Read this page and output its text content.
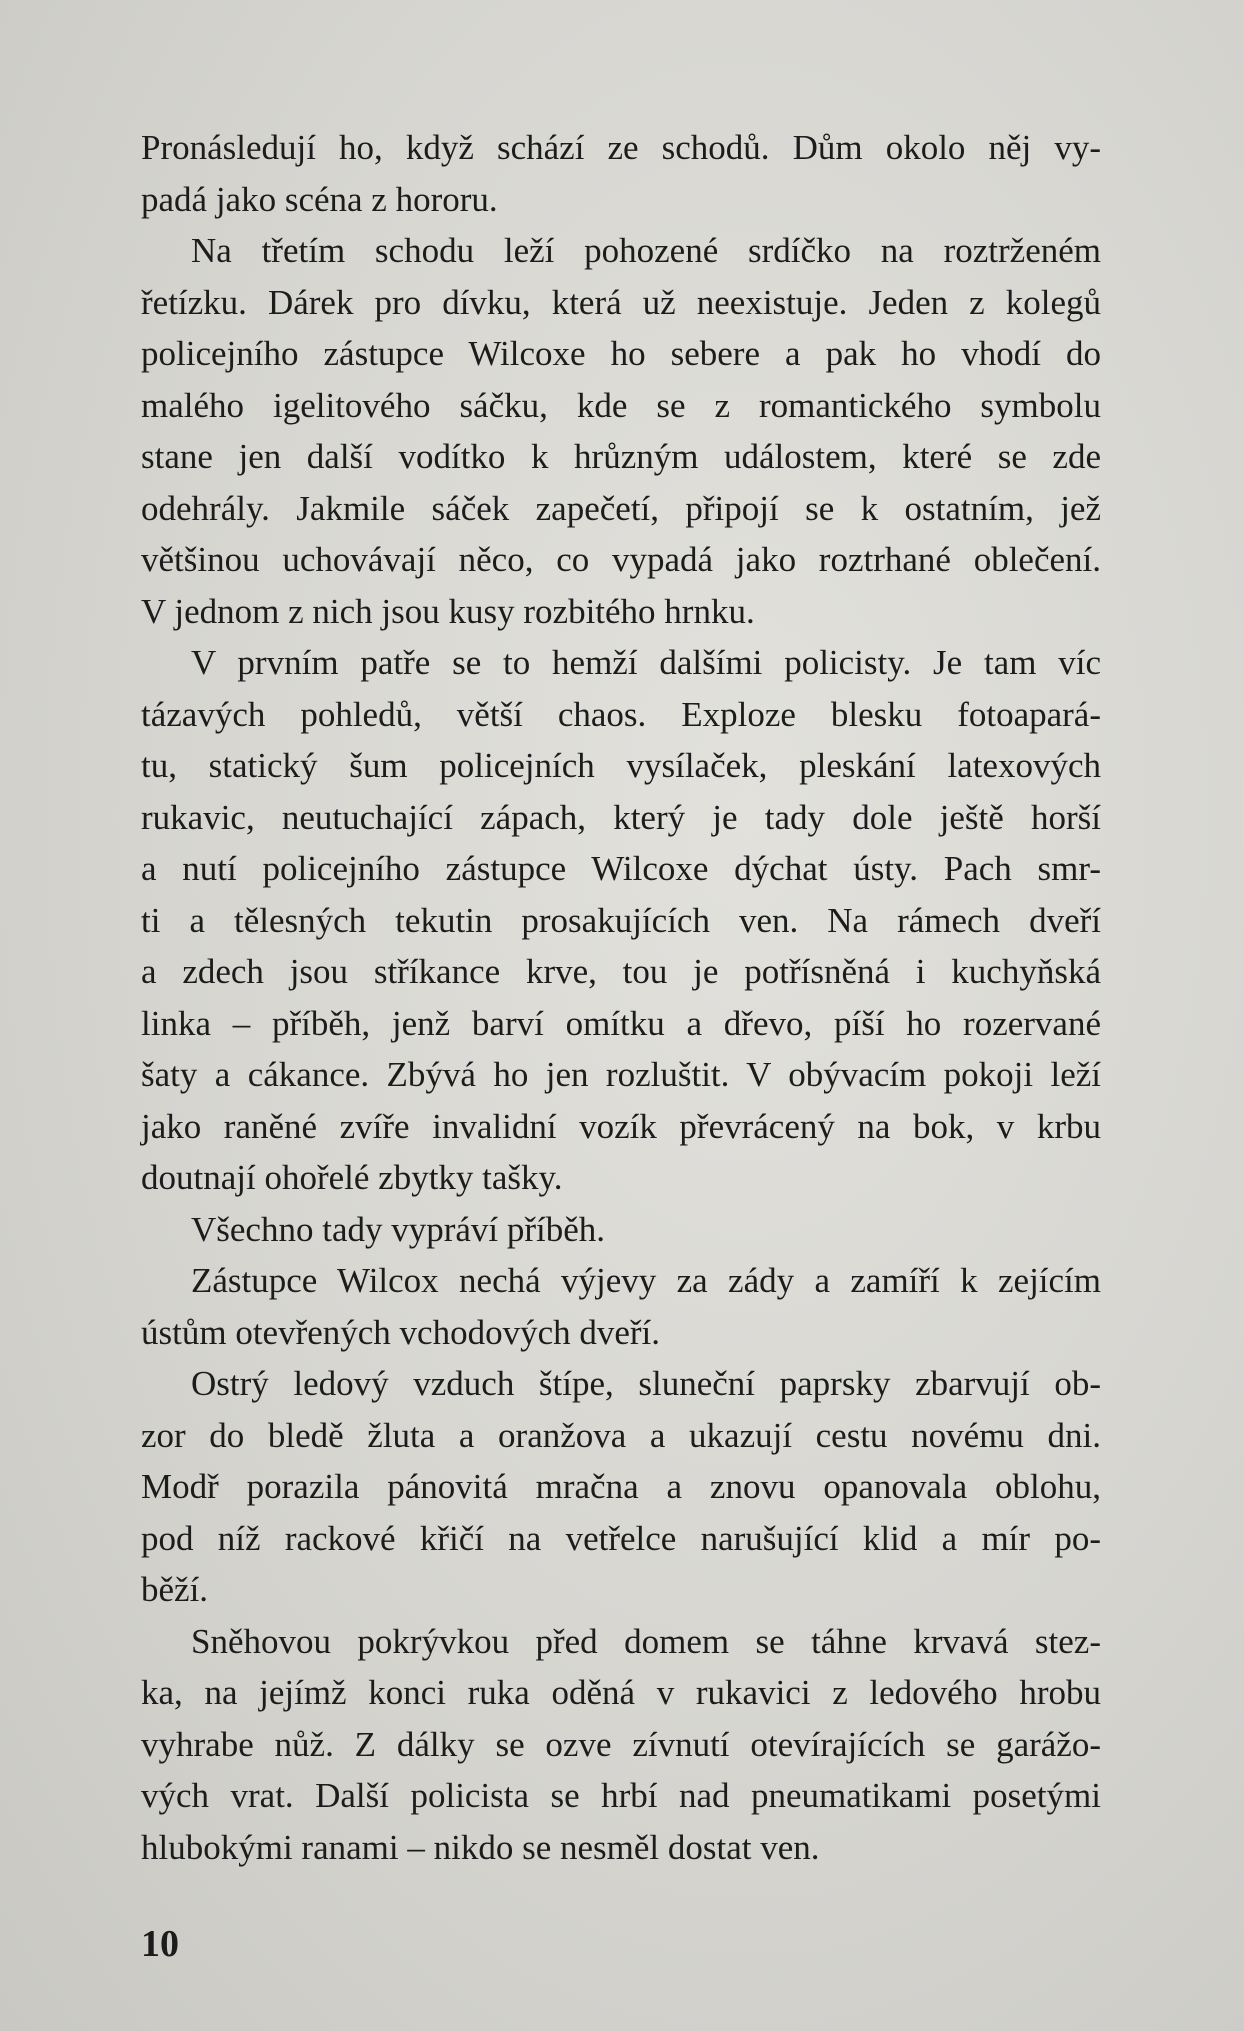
Pronásledují ho, když schází ze schodů. Dům okolo něj vy-
padá jako scéna z hororu.
Na třetím schodu leží pohozené srdíčko na roztrženém
řetízku. Dárek pro dívku, která už neexistuje. Jeden z kolegů
policejního zástupce Wilcoxe ho sebere a pak ho vhodí do
malého igelitového sáčku, kde se z romantického symbolu
stane jen další vodítko k hrůzným událostem, které se zde
odehrály. Jakmile sáček zapečetí, připojí se k ostatním, jež
většinou uchovávají něco, co vypadá jako roztrhané oblečení.
V jednom z nich jsou kusy rozbitého hrnku.
V prvním patře se to hemží dalšími policisty. Je tam víc
tázavých pohledů, větší chaos. Exploze blesku fotoapará-
tu, statický šum policejních vysílaček, pleskání latexových
rukavic, neutuchající zápach, který je tady dole ještě horší
a nutí policejního zástupce Wilcoxe dýchat ústy. Pach smr-
ti a tělesných tekutin prosakujících ven. Na rámech dveří
a zdech jsou stříkance krve, tou je potřísněná i kuchyňská
linka – příběh, jenž barví omítku a dřevo, píší ho rozervané
šaty a cákance. Zbývá ho jen rozluštit. V obývacím pokoji leží
jako raněné zvíře invalidní vozík převrácený na bok, v krbu
doutnají ohořelé zbytky tašky.
Všechno tady vypráví příběh.
Zástupce Wilcox nechá výjevy za zády a zamíří k zejícím
ústům otevřených vchodových dveří.
Ostrý ledový vzduch štípe, sluneční paprsky zbarvují ob-
zor do bledě žluta a oranžova a ukazují cestu novému dni.
Modř porazila pánovitá mračna a znovu opanovala oblohu,
pod níž rackové křičí na vetřelce narušující klid a mír po-
běží.
Sněhovou pokrývkou před domem se táhne krvavá stez-
ka, na jejímž konci ruka oděná v rukavici z ledového hrobu
vyhrabe nůž. Z dálky se ozve zívnutí otevírajících se garážo-
vých vrat. Další policista se hrbí nad pneumatikami posetými
hlubokými ranami – nikdo se nesměl dostat ven.
10
